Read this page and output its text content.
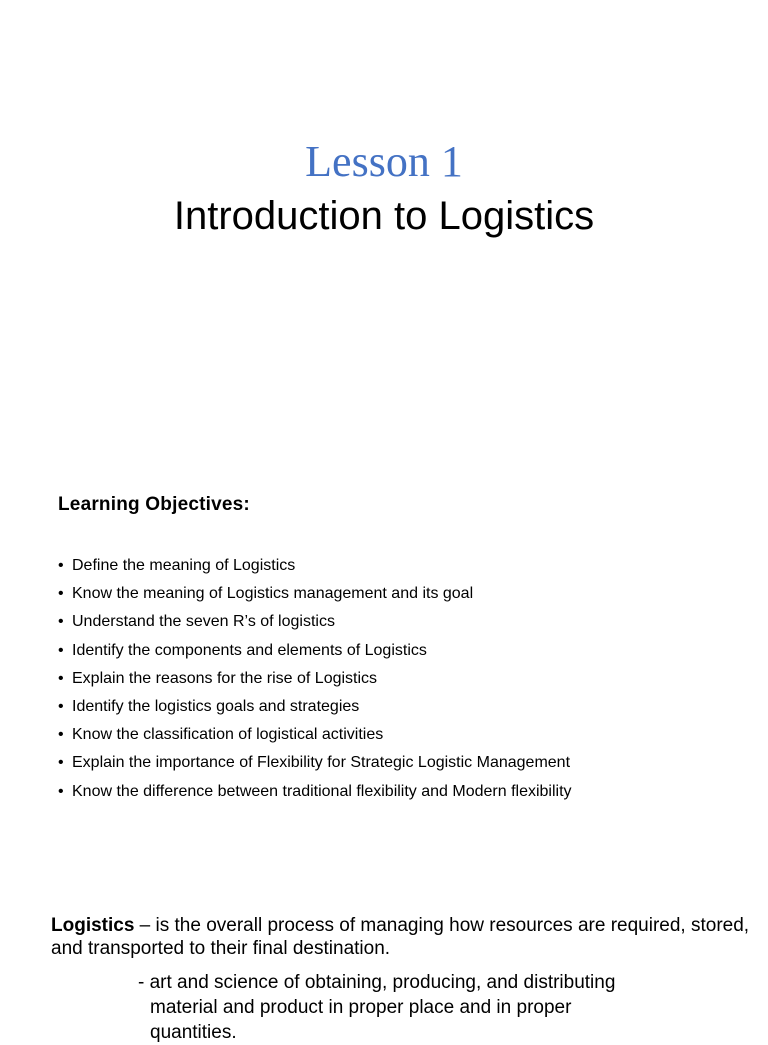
Lesson 1
Introduction to Logistics
Learning Objectives:
• Define the meaning of Logistics
• Know the meaning of Logistics management and its goal
• Understand the seven R’s of logistics
• Identify the components and elements of Logistics
• Explain the reasons for the rise of Logistics
• Identify the logistics goals and strategies
• Know the classification of logistical activities
• Explain the importance of Flexibility for Strategic Logistic Management
• Know the difference between traditional flexibility and Modern flexibility
Logistics – is the overall process of managing how resources are required, stored, and transported to their final destination.
- art and science of obtaining, producing, and distributing
material and product in proper place and in proper
quantities.
